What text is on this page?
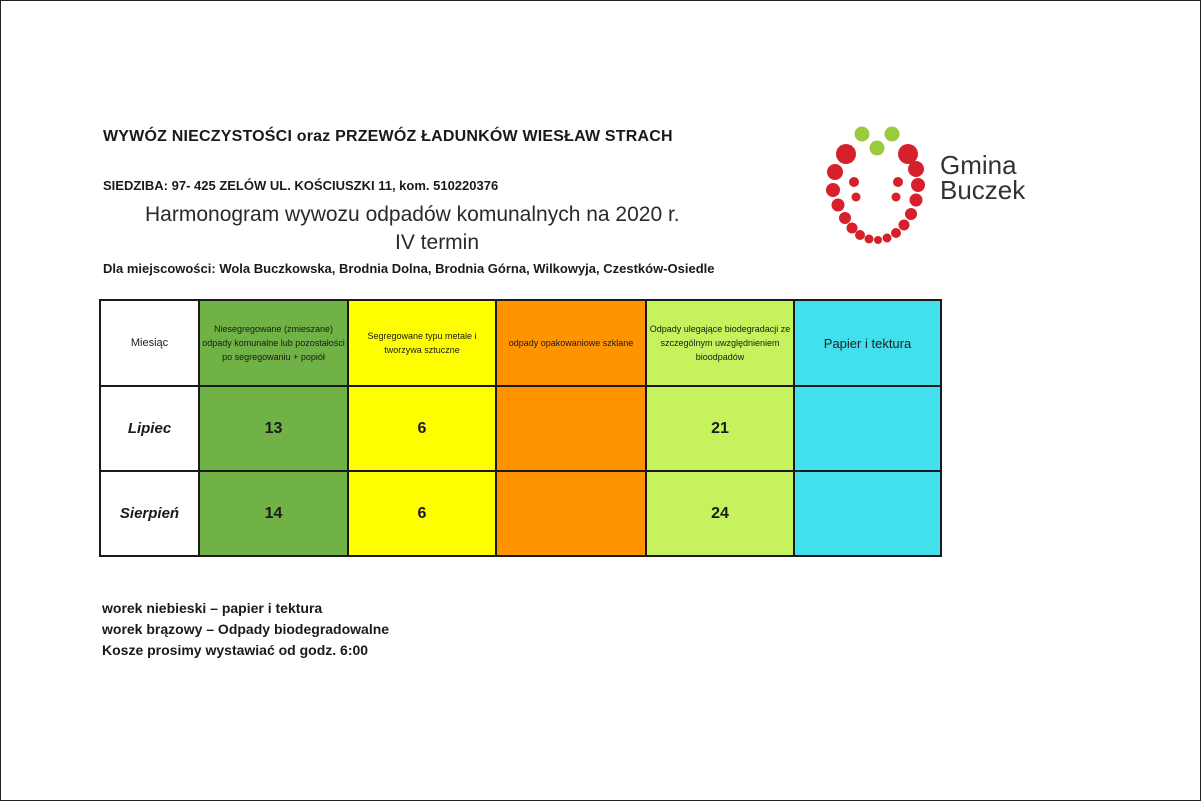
WYWÓZ NIECZYSTOŚCI oraz PRZEWÓZ ŁADUNKÓW WIESŁAW STRACH
SIEDZIBA: 97- 425 ZELÓW UL. KOŚCIUSZKI 11, kom. 510220376
Harmonogram wywozu odpadów komunalnych na 2020 r.
IV termin
Dla miejscowości: Wola Buczkowska, Brodnia Dolna, Brodnia Górna, Wilkowyja, Czestków-Osiedle
Gmina
Buczek
Miesiąc	Niesegregowane (zmieszane) odpady komunalne lub pozostałości po segregowaniu + popiół	Segregowane typu metale i tworzywa sztuczne	odpady opakowaniowe szklane	Odpady ulegające biodegradacji ze szczególnym uwzględnieniem bioodpadów	Papier i tektura
Lipiec	13	6		21	
Sierpień	14	6		24	
worek niebieski – papier i tektura
worek brązowy – Odpady biodegradowalne
Kosze prosimy wystawiać od godz. 6:00
